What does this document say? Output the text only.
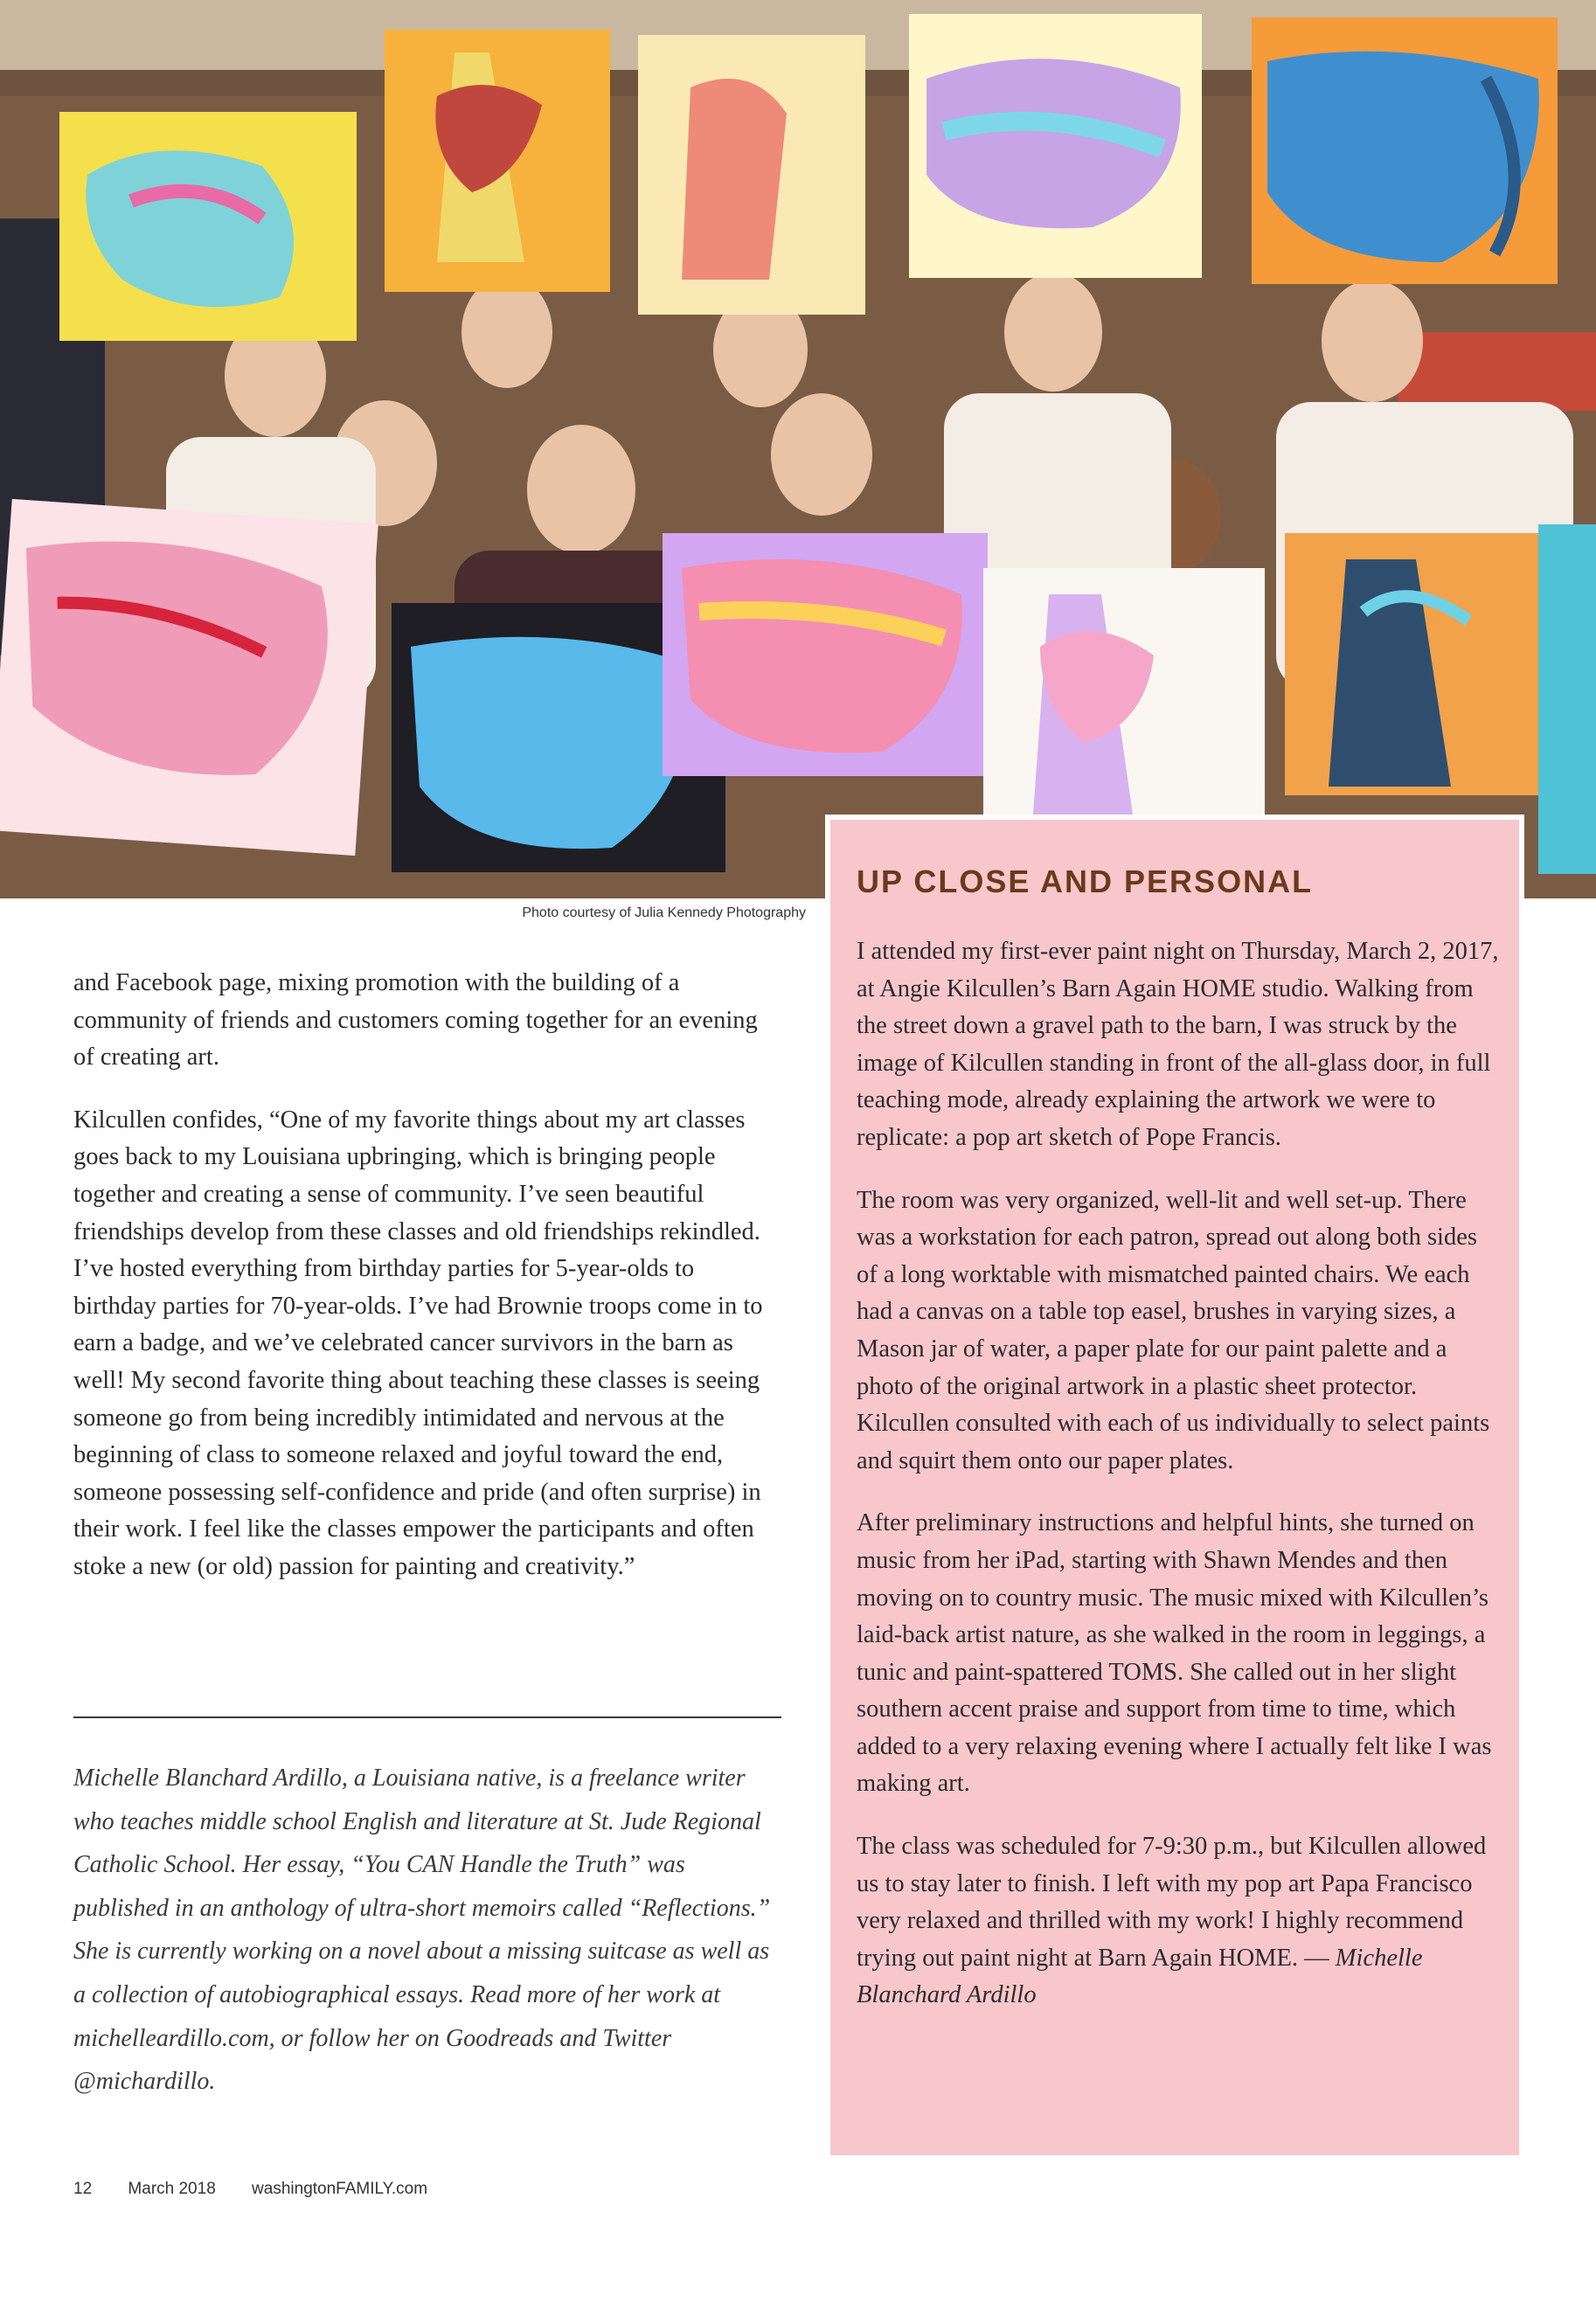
Photo courtesy of Julia Kennedy Photography

and Facebook page, mixing promotion with the building of a community of friends and customers coming together for an evening of creating art.

Kilcullen confides, “One of my favorite things about my art classes goes back to my Louisiana upbringing, which is bringing people together and creating a sense of community. I’ve seen beautiful friendships develop from these classes and old friendships rekindled. I’ve hosted everything from birthday parties for 5-year-olds to birthday parties for 70-year-olds. I’ve had Brownie troops come in to earn a badge, and we’ve celebrated cancer survivors in the barn as well! My second favorite thing about teaching these classes is seeing someone go from being incredibly intimidated and nervous at the beginning of class to someone relaxed and joyful toward the end, someone possessing self-confidence and pride (and often surprise) in their work. I feel like the classes empower the participants and often stoke a new (or old) passion for painting and creativity.”

Michelle Blanchard Ardillo, a Louisiana native, is a freelance writer who teaches middle school English and literature at St. Jude Regional Catholic School. Her essay, “You CAN Handle the Truth” was published in an anthology of ultra-short memoirs called “Reflections.” She is currently working on a novel about a missing suitcase as well as a collection of autobiographical essays. Read more of her work at michelleardillo.com, or follow her on Goodreads and Twitter @michardillo.
UP CLOSE AND PERSONAL

I attended my first-ever paint night on Thursday, March 2, 2017, at Angie Kilcullen’s Barn Again HOME studio. Walking from the street down a gravel path to the barn, I was struck by the image of Kilcullen standing in front of the all-glass door, in full teaching mode, already explaining the artwork we were to replicate: a pop art sketch of Pope Francis.

The room was very organized, well-lit and well set-up. There was a workstation for each patron, spread out along both sides of a long worktable with mismatched painted chairs. We each had a canvas on a table top easel, brushes in varying sizes, a Mason jar of water, a paper plate for our paint palette and a photo of the original artwork in a plastic sheet protector. Kilcullen consulted with each of us individually to select paints and squirt them onto our paper plates.

After preliminary instructions and helpful hints, she turned on music from her iPad, starting with Shawn Mendes and then moving on to country music. The music mixed with Kilcullen’s laid-back artist nature, as she walked in the room in leggings, a tunic and paint-spattered TOMS. She called out in her slight southern accent praise and support from time to time, which added to a very relaxing evening where I actually felt like I was making art.

The class was scheduled for 7-9:30 p.m., but Kilcullen allowed us to stay later to finish. I left with my pop art Papa Francisco very relaxed and thrilled with my work! I highly recommend trying out paint night at Barn Again HOME. — Michelle Blanchard Ardillo

12 March 2018 washingtonFAMILY.com
